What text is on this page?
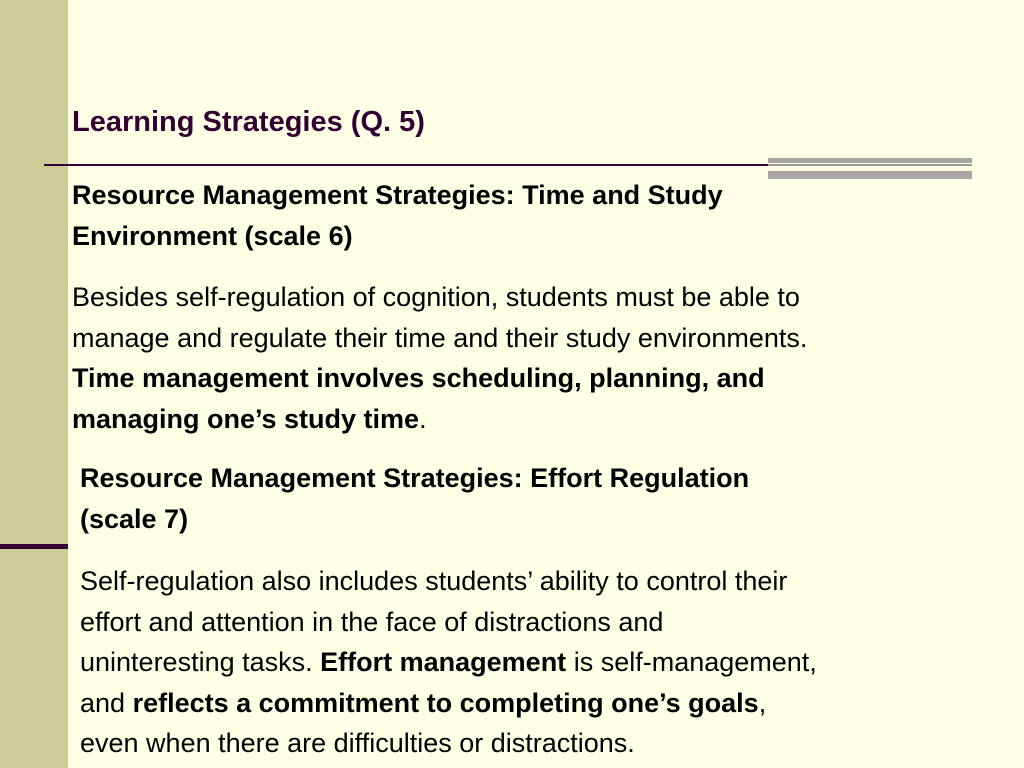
Learning Strategies (Q. 5)
Resource Management Strategies: Time and Study
Environment (scale 6)
Besides self-regulation of cognition, students must be able to
manage and regulate their time and their study environments.
Time management involves scheduling, planning, and
managing one’s study time.
Resource Management Strategies: Effort Regulation
(scale 7)
Self-regulation also includes students’ ability to control their
effort and attention in the face of distractions and
uninteresting tasks. Effort management is self-management,
and reflects a commitment to completing one’s goals,
even when there are difficulties or distractions.
